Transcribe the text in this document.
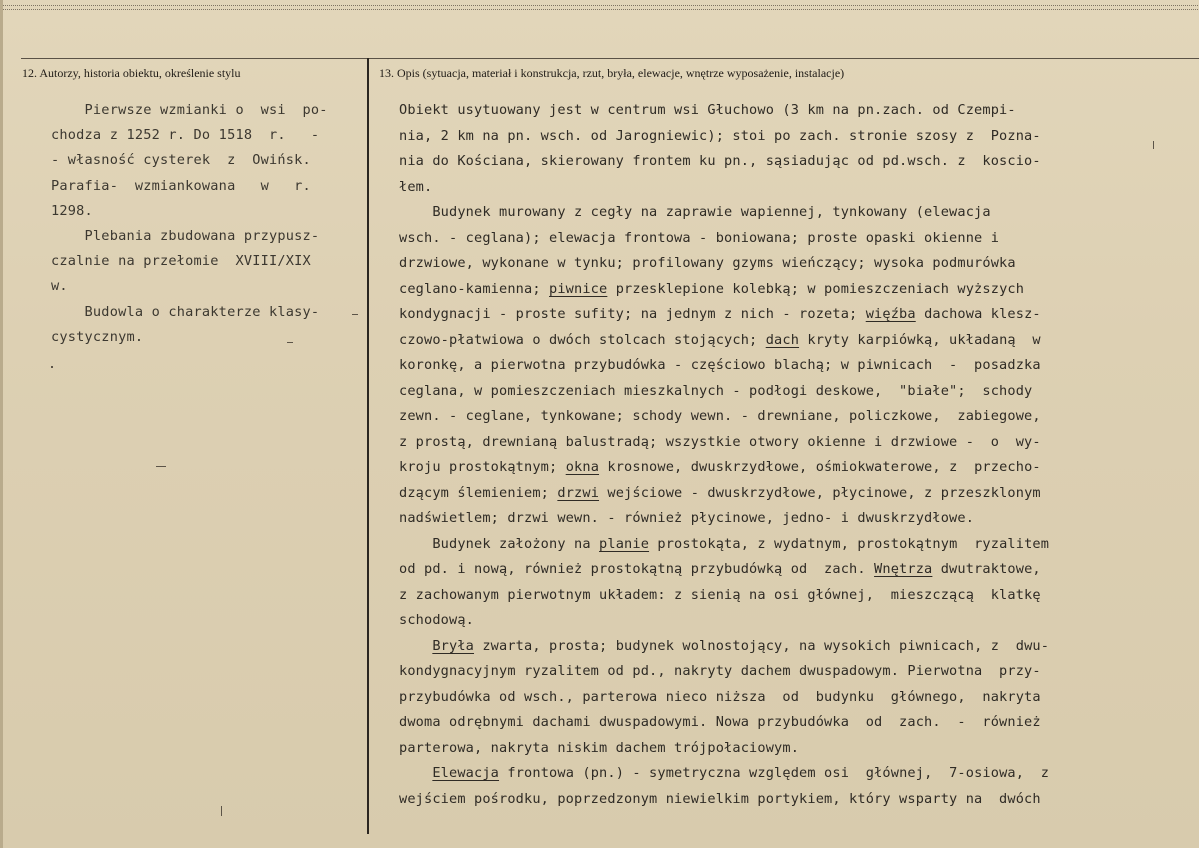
12. Autorzy, historia obiektu, określenie stylu	13. Opis (sytuacja, materiał i konstrukcja, rzut, bryła, elewacje, wnętrze wyposażenie, instalacje)
Pierwsze wzmianki o  wsi  po-
chodza z 1252 r. Do 1518  r.   -
- własność cysterek  z  Owińsk.
Parafia-  wzmiankowana   w   r.
1298.
Plebania zbudowana przypusz-
czalnie na przełomie  XVIII/XIX
w.
Budowla o charakterze klasy-
cystycznym.
Obiekt usytuowany jest w centrum wsi Głuchowo (3 km na pn.zach. od Czempi-
nia, 2 km na pn. wsch. od Jarogniewic); stoi po zach. stronie szosy z  Pozna-
nia do Kościana, skierowany frontem ku pn., sąsiadując od pd.wsch. z  koscio-
łem.
Budynek murowany z cegły na zaprawie wapiennej, tynkowany (elewacja
wsch. - ceglana); elewacja frontowa - boniowana; proste opaski okienne i
drzwiowe, wykonane w tynku; profilowany gzyms wieńczący; wysoka podmurówka
ceglano-kamienna; piwnice przesklepione kolebką; w pomieszczeniach wyższych
kondygnacji - proste sufity; na jednym z nich - rozeta; więźba dachowa klesz-
czowo-płatwiowa o dwóch stolcach stojących; dach kryty karpiówką, układaną  w
koronkę, a pierwotna przybudówka - częściowo blachą; w piwnicach  -  posadzka
ceglana, w pomieszczeniach mieszkalnych - podłogi deskowe,  "białe";  schody
zewn. - ceglane, tynkowane; schody wewn. - drewniane, policzkowe,  zabiegowe,
z prostą, drewnianą balustradą; wszystkie otwory okienne i drzwiowe -  o  wy-
kroju prostokątnym; okna krosnowe, dwuskrzydłowe, ośmiokwaterowe, z  przecho-
dzącym ślemieniem; drzwi wejściowe - dwuskrzydłowe, płycinowe, z przeszklonym
nadświetlem; drzwi wewn. - również płycinowe, jedno- i dwuskrzydłowe.
Budynek założony na planie prostokąta, z wydatnym, prostokątnym  ryzalitem
od pd. i nową, również prostokątną przybudówką od  zach. Wnętrza dwutraktowe,
z zachowanym pierwotnym układem: z sienią na osi głównej,  mieszczącą  klatkę
schodową.
Bryła zwarta, prosta; budynek wolnostojący, na wysokich piwnicach, z  dwu-
kondygnacyjnym ryzalitem od pd., nakryty dachem dwuspadowym. Pierwotna  przy-
przybudówka od wsch., parterowa nieco niższa  od  budynku  głównego,  nakryta
dwoma odrębnymi dachami dwuspadowymi. Nowa przybudówka  od  zach.  -  również
parterowa, nakryta niskim dachem trójpołaciowym.
Elewacja frontowa (pn.) - symetryczna względem osi  głównej,  7-osiowa,  z
wejściem pośrodku, poprzedzonym niewielkim portykiem, który wsparty na  dwóch
